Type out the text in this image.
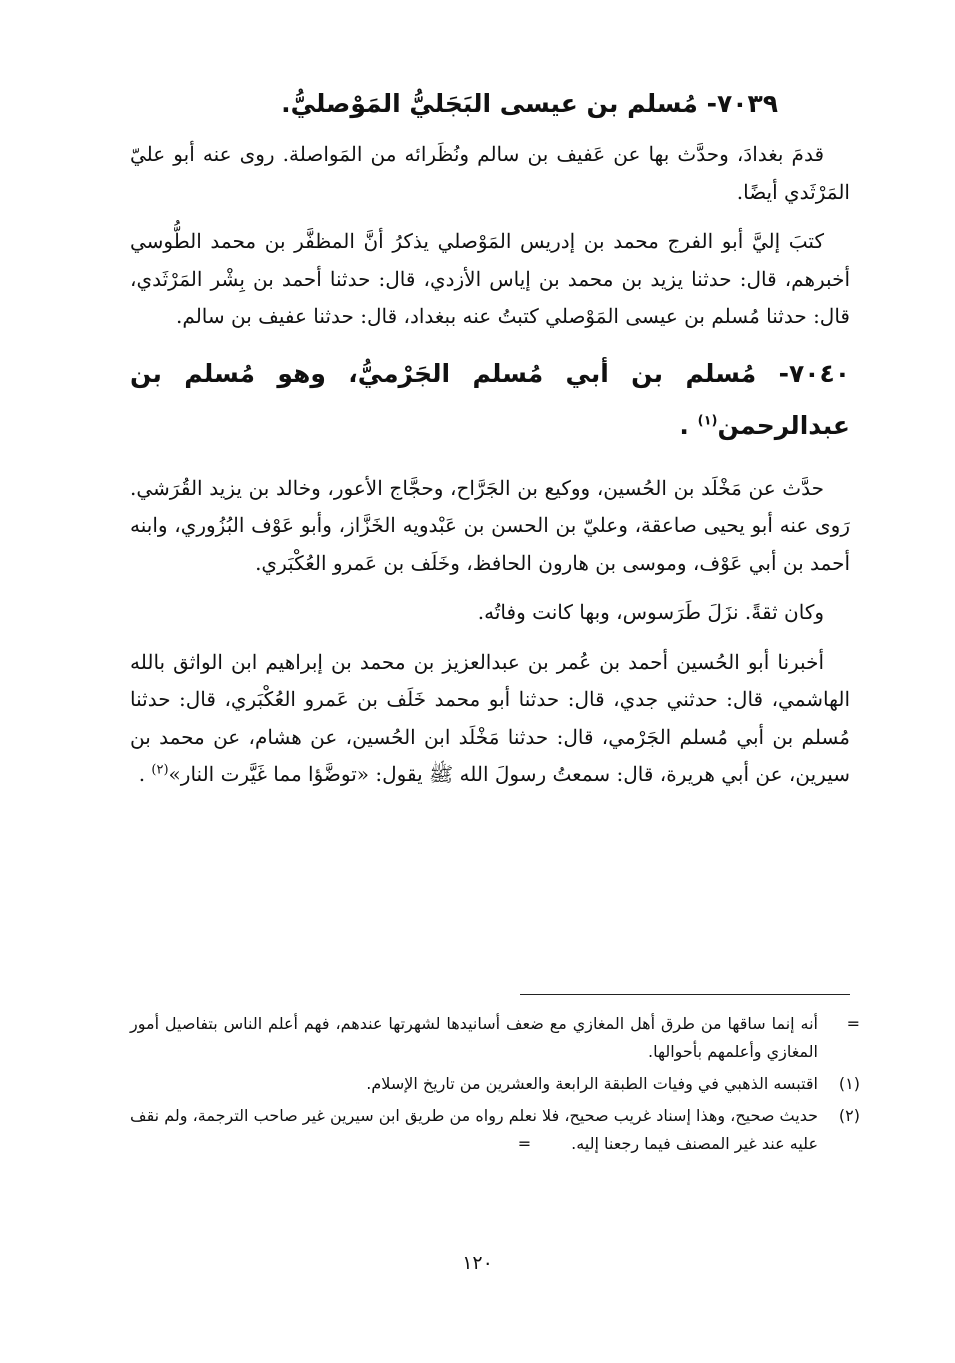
٧٠٣٩- مُسلم بن عيسى البَجَليُّ المَوْصليُّ.

قدمَ بغدادَ، وحدَّث بها عن عَفيف بن سالم ونُظَرائه من المَواصلة. روى عنه أبو عليّ المَرْثَدي أيضًا.

كتبَ إليَّ أبو الفرج محمد بن إدريس المَوْصلي يذكرُ أنَّ المظفَّر بن محمد الطُّوسي أخبرهم، قال: حدثنا يزيد بن محمد بن إياس الأزدي، قال: حدثنا أحمد بن بِشْر المَرْثَدي، قال: حدثنا مُسلم بن عيسى المَوْصلي كتبتُ عنه ببغداد، قال: حدثنا عفيف بن سالم.

٧٠٤٠- مُسلم بن أبي مُسلم الجَرْميُّ، وهو مُسلم بن عبدالرحمن$^{(١)}$ .

حدَّث عن مَخْلَد بن الحُسين، ووكيع بن الجَرَّاح، وحجَّاج الأعور، وخالد بن يزيد القُرَشي. رَوى عنه أبو يحيى صاعقة، وعليّ بن الحسن بن عَبْدويه الخَزَّاز، وأبو عَوْف البُزُوري، وابنه أحمد بن أبي عَوْف، وموسى بن هارون الحافظ، وخَلَف بن عَمرو العُكْبَري.

وكان ثقةً. نزَلَ طَرَسوس، وبها كانت وفاتُه.

أخبرنا أبو الحُسين أحمد بن عُمر بن عبدالعزيز بن محمد بن إبراهيم ابن الواثق بالله الهاشمي، قال: حدثني جدي، قال: حدثنا أبو محمد خَلَف بن عَمرو العُكْبَري، قال: حدثنا مُسلم بن أبي مُسلم الجَرْمي، قال: حدثنا مَخْلَد ابن الحُسين، عن هشام، عن محمد بن سيرين، عن أبي هريرة، قال: سمعتُ رسولَ الله ﷺ يقول: «توضَّؤا مما غَيَّرت النار»$^{(٢)}$ .

=
أنه إنما ساقها من طرق أهل المغازي مع ضعف أسانيدها لشهرتها عندهم، فهم أعلم الناس بتفاصيل أمور المغازي وأعلمهم بأحوالها.
(١)
اقتبسه الذهبي في وفيات الطبقة الرابعة والعشرين من تاريخ الإسلام.
(٢)
حديث صحيح، وهذا إسناد غريب صحيح، فلا نعلم رواه من طريق ابن سيرين غير صاحب الترجمة، ولم نقف عليه عند غير المصنف فيما رجعنا إليه.=
١٢٠
